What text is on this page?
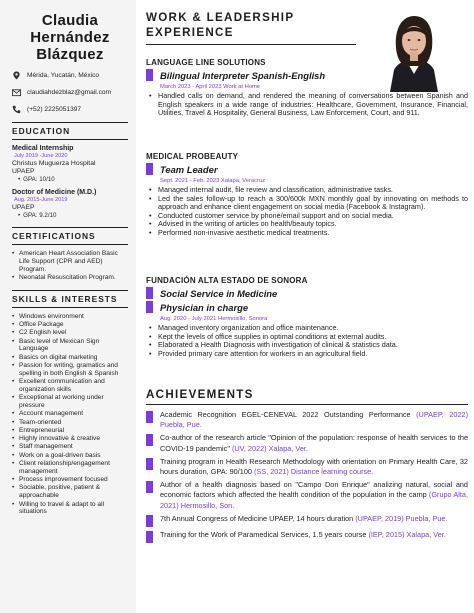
Claudia
Hernández
Blázquez
Mérida, Yucatán, México
claudiahdezblaz@gmail.com
(+52) 2225051397
EDUCATION
Medical Internship
July 2019 -June 2020
Christus Muguerza Hospital
UPAEP
• GPA: 10/10
Doctor of Medicine (M.D.)
Aug. 2015-June 2019
UPAEP
• GPA: 9.2/10
CERTIFICATIONS
• American Heart Association Basic Life Support (CPR and AED) Program.
• Neonatal Resuscitation Program.
SKILLS & INTERESTS
• Windows environment
• Office Package
• C2 English level
• Basic level of Mexican Sign Language
• Basics on digital marketing
• Passion for writing, gramatics and spelling in both English & Spanish
• Excellent communication and organization skills
• Exceptional at working under pressure
• Account management
• Team-oriented
• Entrepreneurial
• Highly innovative & creative
• Staff management
• Work on a goal-driven basis
• Client relationship/engagement management
• Process improvement focused
• Sociable, positive, patient & approachable
• Willing to travel & adapt to all situations
WORK & LEADERSHIP
EXPERIENCE
LANGUAGE LINE SOLUTIONS
Bilingual Interpreter Spanish-English
March 2023 - April 2023 Work at Home
• Handled calls on demand, and rendered the meaning of conversations between Spanish and English speakers in a wide range of industries: Healthcare, Government, Insurance, Financial, Utilities, Travel & Hospitality, General Business, Law Enforcement, Court, and 911.
MEDICAL PROBEAUTY
Team Leader
Sept. 2021 - Feb. 2023 Xalapa, Veracruz
• Managed internal audit, file review and classification, administrative tasks.
• Led the sales follow-up to reach a 300/600k MXN monthly goal by innovating on methods to approach and enhance client engagement on social media (Facebook & Instagram).
• Conducted customer service by phone/email support and on social media.
• Advised in the writing of articles on health/beauty topics.
• Performed non-invasive aesthetic medical treatments.
FUNDACIÓN ALTA ESTADO DE SONORA
Social Service in Medicine
Physician in charge
Aug. 2020 - July 2021 Hermosillo, Sonora
• Managed inventory organization and office maintenance.
• Kept the levels of office supplies in optimal conditions at external audits.
• Elaborated a Health Diagnosis with investigation of clinical & statistics data.
• Provided primary care attention for workers in an agricultural field.
ACHIEVEMENTS
Academic Recognition EGEL-CENEVAL 2022 Outstanding Performance (UPAEP, 2022) Puebla, Pue.
Co-author of the research article "Opinion of the population: response of health services to the COVID-19 pandemic" (UV, 2022) Xalapa, Ver.
Training program in Health Research Methodology with orientation on Primary Health Care, 32 hours duration, GPA: 90/100 (SS, 2021) Distance learning course.
Author of a health diagnosis based on "Campo Don Enrique" analizing natural, social and economic factors which affected the health condition of the population in the camp (Grupo Alta, 2021) Hermosillo, Son.
7th Annual Congress of Medicine UPAEP, 14 hours duration (UPAEP, 2019) Puebla, Pue.
Training for the Work of Paramedical Services, 1.5 years course (IEP, 2015) Xalapa, Ver.
